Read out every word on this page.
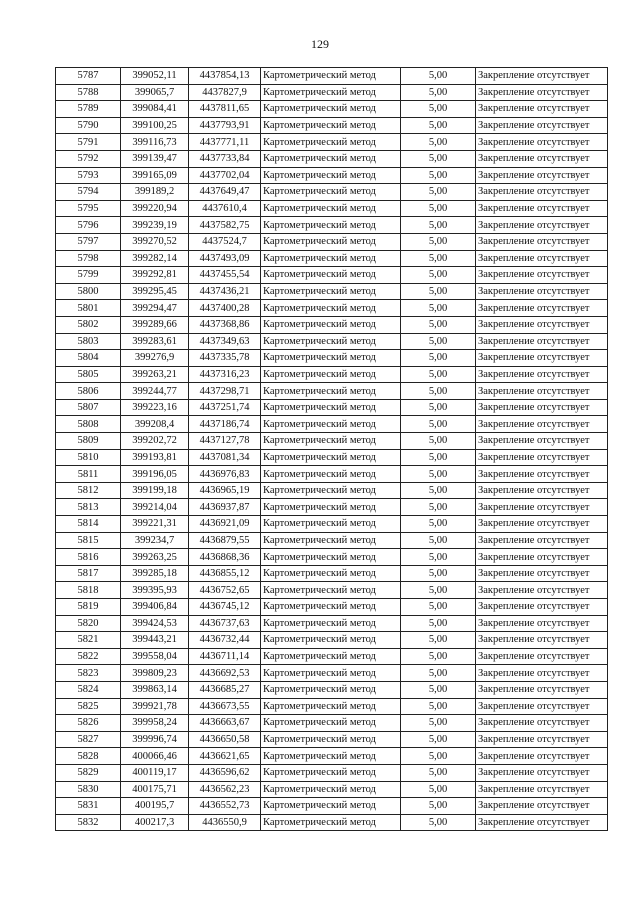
129
5787	399052,11	4437854,13	Картометрический метод	5,00	Закрепление отсутствует
5788	399065,7	4437827,9	Картометрический метод	5,00	Закрепление отсутствует
5789	399084,41	4437811,65	Картометрический метод	5,00	Закрепление отсутствует
5790	399100,25	4437793,91	Картометрический метод	5,00	Закрепление отсутствует
5791	399116,73	4437771,11	Картометрический метод	5,00	Закрепление отсутствует
5792	399139,47	4437733,84	Картометрический метод	5,00	Закрепление отсутствует
5793	399165,09	4437702,04	Картометрический метод	5,00	Закрепление отсутствует
5794	399189,2	4437649,47	Картометрический метод	5,00	Закрепление отсутствует
5795	399220,94	4437610,4	Картометрический метод	5,00	Закрепление отсутствует
5796	399239,19	4437582,75	Картометрический метод	5,00	Закрепление отсутствует
5797	399270,52	4437524,7	Картометрический метод	5,00	Закрепление отсутствует
5798	399282,14	4437493,09	Картометрический метод	5,00	Закрепление отсутствует
5799	399292,81	4437455,54	Картометрический метод	5,00	Закрепление отсутствует
5800	399295,45	4437436,21	Картометрический метод	5,00	Закрепление отсутствует
5801	399294,47	4437400,28	Картометрический метод	5,00	Закрепление отсутствует
5802	399289,66	4437368,86	Картометрический метод	5,00	Закрепление отсутствует
5803	399283,61	4437349,63	Картометрический метод	5,00	Закрепление отсутствует
5804	399276,9	4437335,78	Картометрический метод	5,00	Закрепление отсутствует
5805	399263,21	4437316,23	Картометрический метод	5,00	Закрепление отсутствует
5806	399244,77	4437298,71	Картометрический метод	5,00	Закрепление отсутствует
5807	399223,16	4437251,74	Картометрический метод	5,00	Закрепление отсутствует
5808	399208,4	4437186,74	Картометрический метод	5,00	Закрепление отсутствует
5809	399202,72	4437127,78	Картометрический метод	5,00	Закрепление отсутствует
5810	399193,81	4437081,34	Картометрический метод	5,00	Закрепление отсутствует
5811	399196,05	4436976,83	Картометрический метод	5,00	Закрепление отсутствует
5812	399199,18	4436965,19	Картометрический метод	5,00	Закрепление отсутствует
5813	399214,04	4436937,87	Картометрический метод	5,00	Закрепление отсутствует
5814	399221,31	4436921,09	Картометрический метод	5,00	Закрепление отсутствует
5815	399234,7	4436879,55	Картометрический метод	5,00	Закрепление отсутствует
5816	399263,25	4436868,36	Картометрический метод	5,00	Закрепление отсутствует
5817	399285,18	4436855,12	Картометрический метод	5,00	Закрепление отсутствует
5818	399395,93	4436752,65	Картометрический метод	5,00	Закрепление отсутствует
5819	399406,84	4436745,12	Картометрический метод	5,00	Закрепление отсутствует
5820	399424,53	4436737,63	Картометрический метод	5,00	Закрепление отсутствует
5821	399443,21	4436732,44	Картометрический метод	5,00	Закрепление отсутствует
5822	399558,04	4436711,14	Картометрический метод	5,00	Закрепление отсутствует
5823	399809,23	4436692,53	Картометрический метод	5,00	Закрепление отсутствует
5824	399863,14	4436685,27	Картометрический метод	5,00	Закрепление отсутствует
5825	399921,78	4436673,55	Картометрический метод	5,00	Закрепление отсутствует
5826	399958,24	4436663,67	Картометрический метод	5,00	Закрепление отсутствует
5827	399996,74	4436650,58	Картометрический метод	5,00	Закрепление отсутствует
5828	400066,46	4436621,65	Картометрический метод	5,00	Закрепление отсутствует
5829	400119,17	4436596,62	Картометрический метод	5,00	Закрепление отсутствует
5830	400175,71	4436562,23	Картометрический метод	5,00	Закрепление отсутствует
5831	400195,7	4436552,73	Картометрический метод	5,00	Закрепление отсутствует
5832	400217,3	4436550,9	Картометрический метод	5,00	Закрепление отсутствует
